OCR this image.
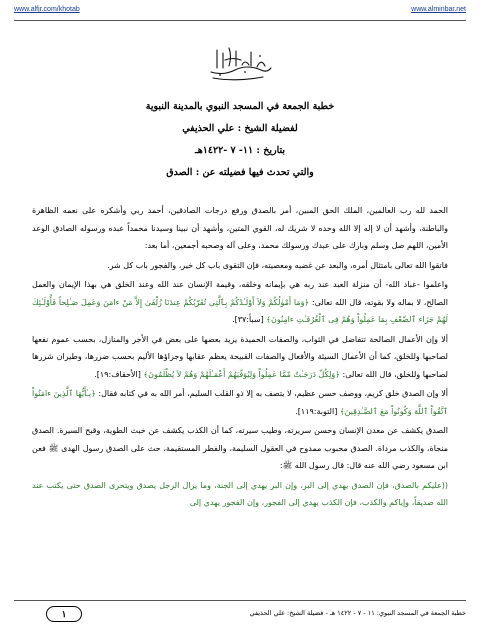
www.alfjr.com/khotab	www.alminbar.net
خطبة الجمعة في المسجد النبوي بالمدينة النبوية
لفضيلة الشيخ : علي الحذيفي
بتاريخ : ١١- ٧ -١٤٢٢هـ
والتي تحدث فيها فضيلته عن : الصدق

الحمد لله رب العالمين، الملك الحق المبين، أمر بالصدق ورفع درجات الصادقين، أحمد ربي وأشكره على نعمه الظاهرة والباطنة، وأشهد أن لا إله إلا الله وحده لا شريك له، القوي المتين، وأشهد أن نبينا وسيدنا محمداً عبده ورسوله الصادق الوعد الأمين، اللهم صل وسلم وبارك على عبدك ورسولك محمد، وعلى آله وصحبه أجمعين، أما بعد:

فاتقوا الله تعالى بامتثال أمره، والبعد عن غضبه ومعصيته، فإن التقوى باب كل خير، والفجور باب كل شر.

واعلموا -عباد الله- أن منزلة العبد عند ربه هي بإيمانه وخلقه، وقيمة الإنسان عند الله وعند الخلق هي بهذا الإيمان والعمل الصالح، لا بماله ولا بقوته، قال الله تعالى: ﴿وَمَا أَمْوٰلُكُمْ وَلاَ أَوْلَـٰدُكُمْ بِٱلَّتِى تُقَرّبُكُمْ عِندَنَا زُلْفَىٰ إِلاَّ مَنْ ءامَنَ وَعَمِلَ صَـٰلِحاً فَأُوْلَـٰئِكَ لَهُمْ جَزَاء ٱلضّعْفِ بِمَا عَمِلُواْ وَهُمْ فِى ٱلْغُرُفَـٰتِ ءامِنُونَ﴾ [سبأ:٣٧].

ألا وإن الأعمال الصالحة تتفاضل في الثواب، والصفات الحميدة يزيد بعضها على بعض في الأجر والمنازل، بحسب عموم نفعها لصاحبها وللخلق، كما أن الأعمال السيئة والأفعال والصفات القبيحة يعظم عقابها وجزاؤها الأليم بحسب ضررها، وطيران شررها لصاحبها وللخلق، قال الله تعالى: ﴿وَلِكُلّ دَرَجَـٰتٌ مّمَّا عَمِلُواْ وَلِيُوَفّيَهُمْ أَعْمَـٰلَهُمْ وَهُمْ لاَ يُظْلَمُونَ﴾ [الأحقاف:١٩].

ألا وإن الصدق خلق كريم، ووصف حسن عظيم، لا يتصف به إلا ذو القلب السليم، أمر الله به في كتابه فقال: ﴿يـٰأَيُّهَا ٱلَّذِينَ ءامَنُواْ ٱتَّقُواْ ٱللَّهَ وَكُونُواْ مَعَ ٱلصَّـٰدِقِينَ﴾ [التوبة:١١٩].

الصدق يكشف عن معدن الإنسان وحسن سريرته، وطيب سيرته، كما أن الكذب يكشف عن خبث الطوية، وقبح السيرة. الصدق منجاة، والكذب مرداة. الصدق محبوب ممدوح في العقول السليمة، والفطر المستقيمة، حث على الصدق رسول الهدى ﷺ فعن ابن مسعود رضي الله عنه قال: قال رسول الله ﷺ:

((عليكم بالصدق، فإن الصدق يهدي إلى البر، وإن البر يهدي إلى الجنة، وما يزال الرجل يصدق ويتحرى الصدق حتى يكتب عند الله صديقاً، وإياكم والكذب، فإن الكذب يهدي إلى الفجور، وإن الفجور يهدي إلى

١	خطبة الجمعة في المسجد النبوي: ١١ - ٧ - ١٤٢٢ هـ - فضيلة الشيخ: علي الحذيفي
